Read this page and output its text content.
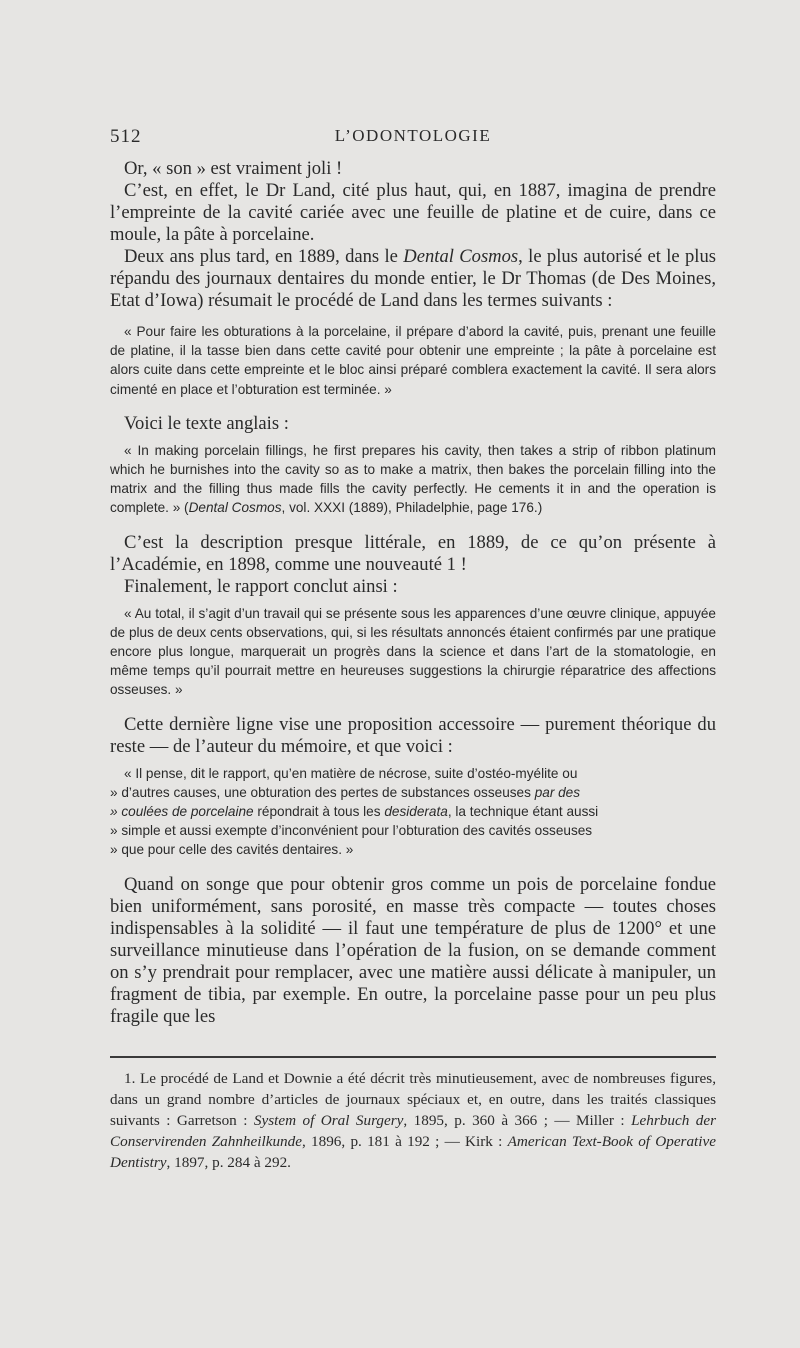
512	L’ODONTOLOGIE

Or, « son » est vraiment joli !

C’est, en effet, le Dr Land, cité plus haut, qui, en 1887, imagina de prendre l’empreinte de la cavité cariée avec une feuille de platine et de cuire, dans ce moule, la pâte à porcelaine.

Deux ans plus tard, en 1889, dans le Dental Cosmos, le plus autorisé et le plus répandu des journaux dentaires du monde entier, le Dr Thomas (de Des Moines, Etat d’Iowa) résumait le procédé de Land dans les termes suivants :

« Pour faire les obturations à la porcelaine, il prépare d’abord la cavité, puis, prenant une feuille de platine, il la tasse bien dans cette cavité pour obtenir une empreinte ; la pâte à porcelaine est alors cuite dans cette empreinte et le bloc ainsi préparé comblera exactement la cavité. Il sera alors cimenté en place et l’obturation est terminée. »

Voici le texte anglais :

« In making porcelain fillings, he first prepares his cavity, then takes a strip of ribbon platinum which he burnishes into the cavity so as to make a matrix, then bakes the porcelain filling into the matrix and the filling thus made fills the cavity perfectly. He cements it in and the operation is complete. » (Dental Cosmos, vol. XXXI (1889), Philadelphie, page 176.)

C’est la description presque littérale, en 1889, de ce qu’on présente à l’Académie, en 1898, comme une nouveauté 1 !

Finalement, le rapport conclut ainsi :

« Au total, il s’agit d’un travail qui se présente sous les apparences d’une œuvre clinique, appuyée de plus de deux cents observations, qui, si les résultats annoncés étaient confirmés par une pratique encore plus longue, marquerait un progrès dans la science et dans l’art de la stomatologie, en même temps qu’il pourrait mettre en heureuses suggestions la chirurgie réparatrice des affections osseuses. »

Cette dernière ligne vise une proposition accessoire — purement théorique du reste — de l’auteur du mémoire, et que voici :

« Il pense, dit le rapport, qu’en matière de nécrose, suite d’ostéo-myélite ou
» d’autres causes, une obturation des pertes de substances osseuses par des
» coulées de porcelaine répondrait à tous les desiderata, la technique étant aussi
» simple et aussi exempte d’inconvénient pour l’obturation des cavités osseuses
» que pour celle des cavités dentaires. »

Quand on songe que pour obtenir gros comme un pois de porcelaine fondue bien uniformément, sans porosité, en masse très compacte — toutes choses indispensables à la solidité — il faut une température de plus de 1200° et une surveillance minutieuse dans l’opération de la fusion, on se demande comment on s’y prendrait pour remplacer, avec une matière aussi délicate à manipuler, un fragment de tibia, par exemple. En outre, la porcelaine passe pour un peu plus fragile que les

1. Le procédé de Land et Downie a été décrit très minutieusement, avec de nombreuses figures, dans un grand nombre d’articles de journaux spéciaux et, en outre, dans les traités classiques suivants : Garretson : System of Oral Surgery, 1895, p. 360 à 366 ; — Miller : Lehrbuch der Conservirenden Zahnheilkunde, 1896, p. 181 à 192 ; — Kirk : American Text-Book of Operative Dentistry, 1897, p. 284 à 292.
